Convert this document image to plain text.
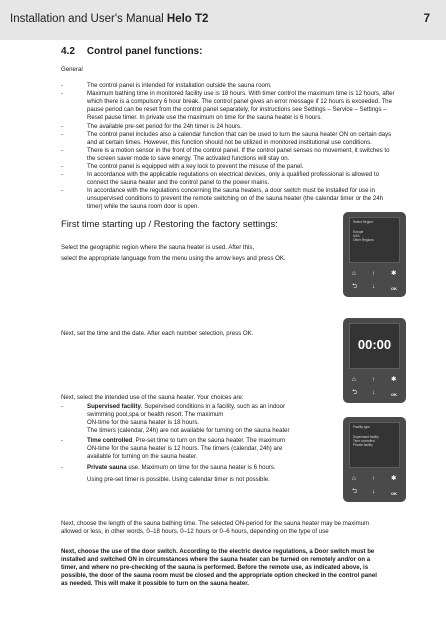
Installation and User's Manual Helo T2	7
4.2 Control panel functions:
General
-	The control panel is intended for installation outside the sauna room.
-	Maximum bathing time in monitored facility use is 18 hours. With timer control the maximum time is 12 hours, after which there is a compulsory 6 hour break. The control panel gives an error message if 12 hours is exceeded. The pause period can be reset from the control panel separately, for instructions see Settings – Service – Settings – Reset pause timer. In private use the maximum on time for the sauna heater is 6 hours.
-	The available pre-set period for the 24h timer is 24 hours.
-	The control panel includes also a calendar function that can be used to turn the sauna heater ON on certain days and at certain times. However, this function should not be utilized in monitored institutional use conditions.
-	There is a motion sensor in the front of the control panel. If the control panel senses no movement, it switches to the screen saver mode to save energy. The activated functions will stay on.
-	The control panel is equipped with a key lock to prevent the misuse of the panel.
-	In accordance with the applicable regulations on electrical devices, only a qualified professional is allowed to connect the sauna heater and the control panel to the power mains.
-	In accordance with the regulations concerning the sauna heaters, a door switch must be installed for use in unsupervised conditions to prevent the remote switching on of the sauna heater (the calendar timer or the 24h timer) while the sauna room door is open.
First time starting up / Restoring the factory settings:
Select the geographic region where the sauna heater is used. After this,
select the appropriate language from the menu using the arrow keys and press OK.
Select Region
Europe
USA
Other Regions
⌂ ↑ ✱
⮌ ↓	OK
Next, set the time and the date. After each number selection, press OK.
00:00
⌂ ↑ ✱
⮌ ↓	OK
Next, select the intended use of the sauna heater. Your choices are:
-	Supervised facility. Supervised conditions in a facility, such as an indoor
swimming pool,spa or health resort. The maximum
ON-time for the sauna heater is 18 hours.
The timers (calendar, 24h) are not available for turning on the sauna heater
-	Time controlled. Pre-set time to turn on the sauna heater. The maximum
ON-time for the sauna heater is 12 hours. The timers (calendar, 24h) are
available for turning on the sauna heater.
-	Private sauna use. Maximum on time for the sauna heater is 6 hours.
Using pre-set timer is possible. Using calendar timer is not possible.
Facility type
Supervised facility
Time controlled
Private facility
⌂ ↑ ✱
⮌ ↓	OK
Next, choose the length of the sauna bathing time. The selected ON-period for the sauna heater may be maximum
allowed or less, in other words, 0–18 hours, 0–12 hours or 0–6 hours, depending on the type of use
Next, choose the use of the door switch. According to the electric device regulations, a Door switch must be
installed and switched ON in circumstances where the sauna heater can be turned on remotely and/or on a
timer, and where no pre-checking of the sauna is performed. Before the remote use, as indicated above, is
possible, the door of the sauna room must be closed and the appropriate option checked in the control panel
as needed. This will make it possible to turn on the sauna heater.
